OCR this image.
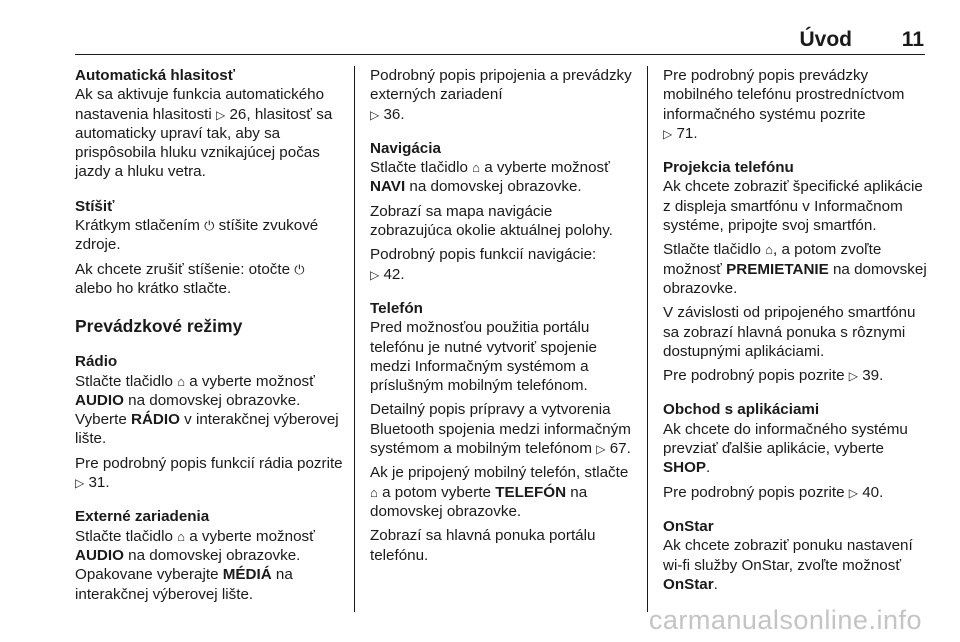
Úvod 11
Automatická hlasitosť

Ak sa aktivuje funkcia automatického nastavenia hlasitosti ▷ 26, hlasitosť sa automaticky upraví tak, aby sa prispôsobila hluku vznikajúcej počas jazdy a hluku vetra.

Stíšiť

Krátkym stlačením ⏻ stíšite zvukové zdroje.

Ak chcete zrušiť stíšenie: otočte ⏻ alebo ho krátko stlačte.

Prevádzkové režimy
Rádio

Stlačte tlačidlo ⌂ a vyberte možnosť AUDIO na domovskej obrazovke. Vyberte RÁDIO v interakčnej výberovej lište.

Pre podrobný popis funkcií rádia pozrite ▷ 31.

Externé zariadenia

Stlačte tlačidlo ⌂ a vyberte možnosť AUDIO na domovskej obrazovke. Opakovane vyberajte MÉDIÁ na interakčnej výberovej lište.

Podrobný popis pripojenia a prevádzky externých zariadení
▷ 36.

Navigácia

Stlačte tlačidlo ⌂ a vyberte možnosť NAVI na domovskej obrazovke.

Zobrazí sa mapa navigácie zobrazujúca okolie aktuálnej polohy.

Podrobný popis funkcií navigácie:
▷ 42.

Telefón

Pred možnosťou použitia portálu telefónu je nutné vytvoriť spojenie medzi Informačným systémom a príslušným mobilným telefónom.

Detailný popis prípravy a vytvorenia Bluetooth spojenia medzi informačným systémom a mobilným telefónom ▷ 67.

Ak je pripojený mobilný telefón, stlačte ⌂ a potom vyberte TELEFÓN na domovskej obrazovke.

Zobrazí sa hlavná ponuka portálu telefónu.

Pre podrobný popis prevádzky mobilného telefónu prostredníctvom informačného systému pozrite
▷ 71.

Projekcia telefónu

Ak chcete zobraziť špecifické aplikácie z displeja smartfónu v Informačnom systéme, pripojte svoj smartfón.

Stlačte tlačidlo ⌂, a potom zvoľte možnosť PREMIETANIE na domovskej obrazovke.

V závislosti od pripojeného smartfónu sa zobrazí hlavná ponuka s rôznymi dostupnými aplikáciami.

Pre podrobný popis pozrite ▷ 39.

Obchod s aplikáciami

Ak chcete do informačného systému prevziať ďalšie aplikácie, vyberte SHOP.

Pre podrobný popis pozrite ▷ 40.

OnStar

Ak chcete zobraziť ponuku nastavení wi-fi služby OnStar, zvoľte možnosť OnStar.

carmanualsonline.info
